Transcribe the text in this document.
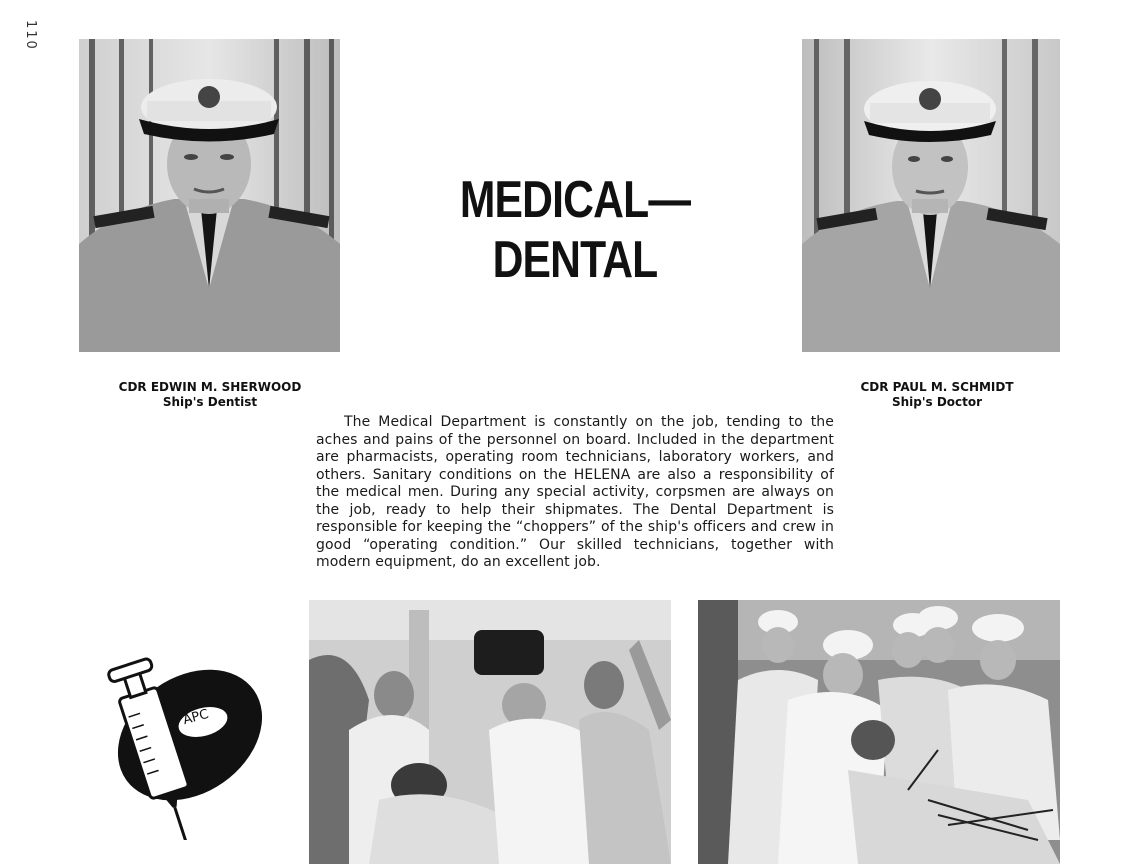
110
MEDICAL—DENTAL
CDR EDWIN M. SHERWOOD
Ship's Dentist
CDR PAUL M. SCHMIDT
Ship's Doctor

The Medical Department is constantly on the job, tending to the aches and pains of the personnel on board. Included in the department are pharmacists, operating room technicians, laboratory workers, and others. Sanitary conditions on the HELENA are also a responsibility of the medical men. During any special activity, corpsmen are always on the job, ready to help their shipmates. The Dental Department is responsible for keeping the “choppers” of the ship's officers and crew in good “operating condition.” Our skilled technicians, together with modern equipment, do an excellent job.

APC
